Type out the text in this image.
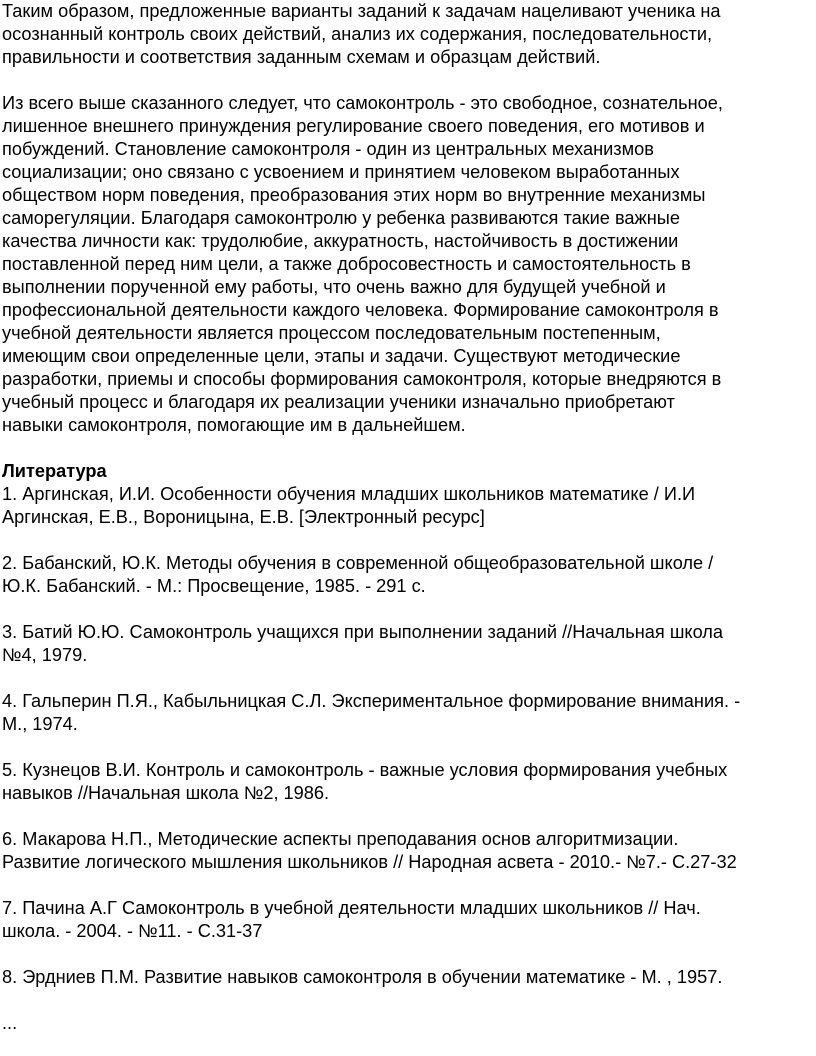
Таким образом, предложенные варианты заданий к задачам нацеливают ученика на

осознанный контроль своих действий, анализ их содержания, последовательности,

правильности и соответствия заданным схемам и образцам действий.

Из всего выше сказанного следует, что самоконтроль - это свободное, сознательное,

лишенное внешнего принуждения регулирование своего поведения, его мотивов и

побуждений. Становление самоконтроля - один из центральных механизмов

социализации; оно связано с усвоением и принятием человеком выработанных

обществом норм поведения, преобразования этих норм во внутренние механизмы

саморегуляции. Благодаря самоконтролю у ребенка развиваются такие важные

качества личности как: трудолюбие, аккуратность, настойчивость в достижении

поставленной перед ним цели, а также добросовестность и самостоятельность в

выполнении порученной ему работы, что очень важно для будущей учебной и

профессиональной деятельности каждого человека. Формирование самоконтроля в

учебной деятельности является процессом последовательным постепенным,

имеющим свои определенные цели, этапы и задачи. Существуют методические

разработки, приемы и способы формирования самоконтроля, которые внедряются в

учебный процесс и благодаря их реализации ученики изначально приобретают

навыки самоконтроля, помогающие им в дальнейшем.

Литература

1. Аргинская, И.И. Особенности обучения младших школьников математике / И.И

Аргинская, Е.В., Вороницына, Е.В. [Электронный ресурс]

2. Бабанский, Ю.К. Методы обучения в современной общеобразовательной школе /

Ю.К. Бабанский. - М.: Просвещение, 1985. - 291 с.

3. Батий Ю.Ю. Самоконтроль учащихся при выполнении заданий //Начальная школа

№4, 1979.

4. Гальперин П.Я., Кабыльницкая С.Л. Экспериментальное формирование внимания. -

М., 1974.

5. Кузнецов В.И. Контроль и самоконтроль - важные условия формирования учебных

навыков //Начальная школа №2, 1986.

6. Макарова Н.П., Методические аспекты преподавания основ алгоритмизации.

Развитие логического мышления школьников // Народная асвета - 2010.- №7.- С.27-32

7. Пачина А.Г Самоконтроль в учебной деятельности младших школьников // Нач.

школа. - 2004. - №11. - С.31-37

8. Эрдниев П.М. Развитие навыков самоконтроля в обучении математике - М. , 1957.

...
